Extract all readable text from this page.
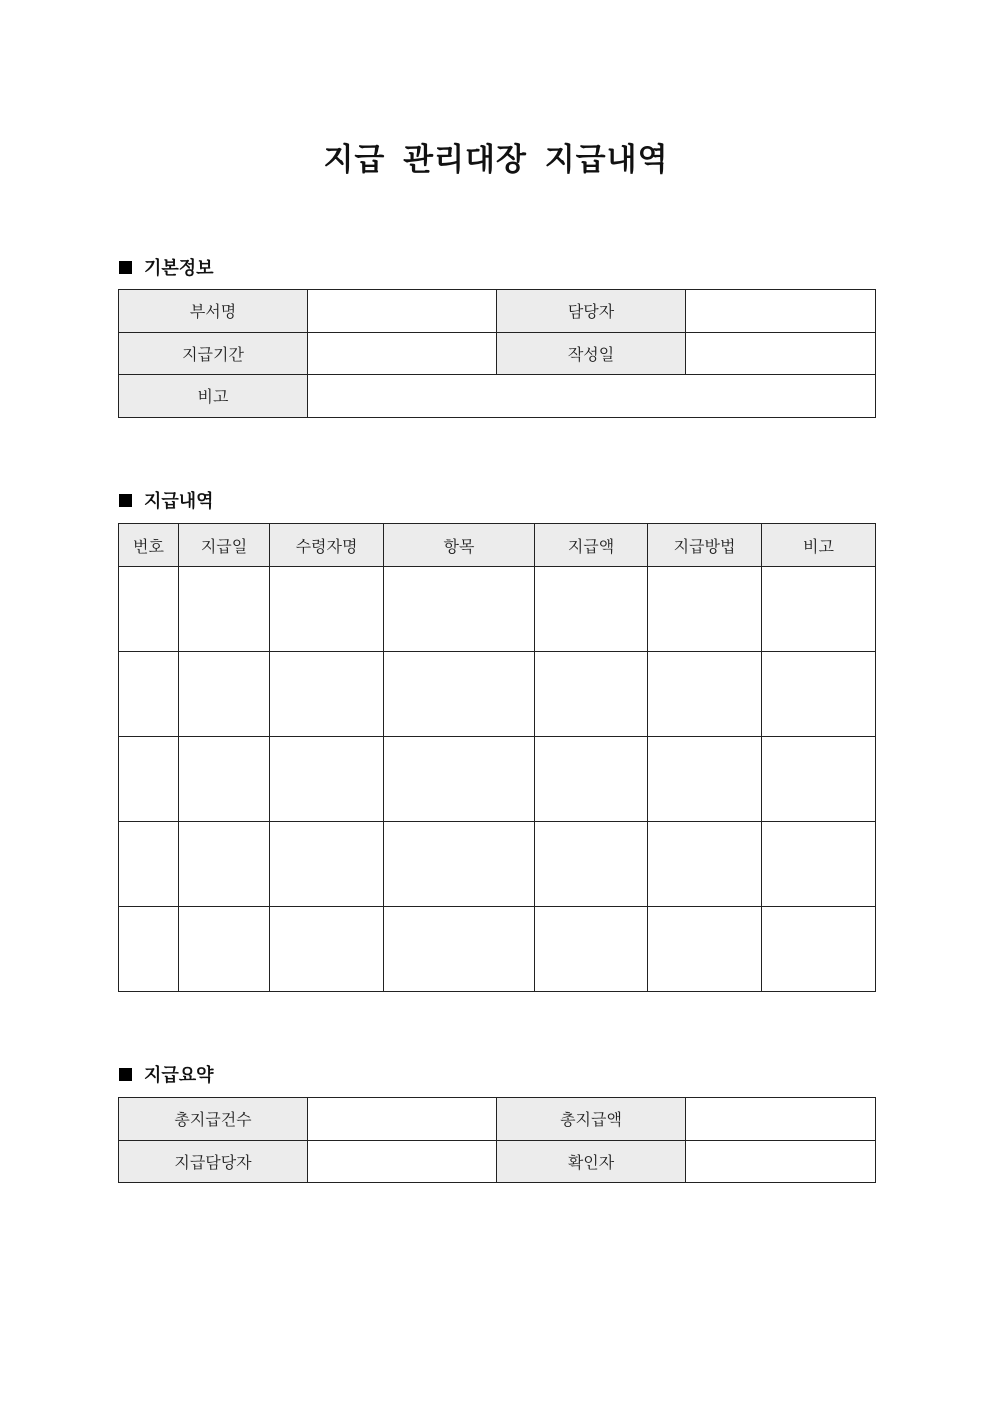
지급 관리대장 지급내역
기본정보
부서명		담당자	
지급기간		작성일	
비고			
지급내역
번호	지급일	수령자명	항목	지급액	지급방법	비고

지급요약
총지급건수		총지급액	
지급담당자		확인자	
